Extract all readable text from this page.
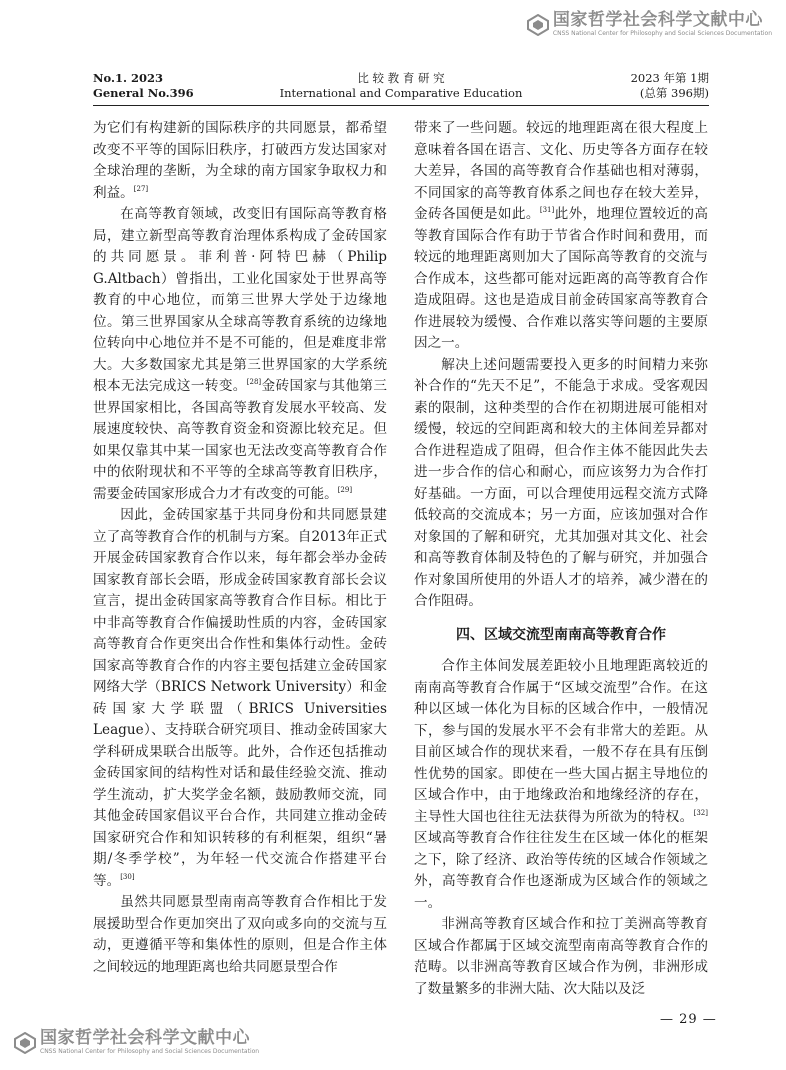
国家哲学社会科学文献中心
CNSS National Center for Philosophy and Social Sciences Documentation
No.1. 2023
General No.396
比 较 教 育 研 究
International and Comparative Education
2023 年第 1期
(总第 396期)

为它们有构建新的国际秩序的共同愿景，都希望改变不平等的国际旧秩序，打破西方发达国家对全球治理的垄断，为全球的南方国家争取权力和利益。[27]

在高等教育领域，改变旧有国际高等教育格局，建立新型高等教育治理体系构成了金砖国家的共同愿景。菲利普·阿特巴赫（Philip G.Altbach）曾指出，工业化国家处于世界高等教育的中心地位，而第三世界大学处于边缘地位。第三世界国家从全球高等教育系统的边缘地位转向中心地位并不是不可能的，但是难度非常大。大多数国家尤其是第三世界国家的大学系统根本无法完成这一转变。[28]金砖国家与其他第三世界国家相比，各国高等教育发展水平较高、发展速度较快、高等教育资金和资源比较充足。但如果仅靠其中某一国家也无法改变高等教育合作中的依附现状和不平等的全球高等教育旧秩序，需要金砖国家形成合力才有改变的可能。[29]

因此，金砖国家基于共同身份和共同愿景建立了高等教育合作的机制与方案。自2013年正式开展金砖国家教育合作以来，每年都会举办金砖国家教育部长会晤，形成金砖国家教育部长会议宣言，提出金砖国家高等教育合作目标。相比于中非高等教育合作偏援助性质的内容，金砖国家高等教育合作更突出合作性和集体行动性。金砖国家高等教育合作的内容主要包括建立金砖国家网络大学（BRICS Network University）和金砖国家大学联盟（BRICS Universities League）、支持联合研究项目、推动金砖国家大学科研成果联合出版等。此外，合作还包括推动金砖国家间的结构性对话和最佳经验交流、推动学生流动，扩大奖学金名额，鼓励教师交流，同其他金砖国家倡议平台合作，共同建立推动金砖国家研究合作和知识转移的有利框架，组织“暑期/冬季学校”，为年轻一代交流合作搭建平台等。[30]

虽然共同愿景型南南高等教育合作相比于发展援助型合作更加突出了双向或多向的交流与互动，更遵循平等和集体性的原则，但是合作主体之间较远的地理距离也给共同愿景型合作

带来了一些问题。较远的地理距离在很大程度上意味着各国在语言、文化、历史等各方面存在较大差异，各国的高等教育合作基础也相对薄弱，不同国家的高等教育体系之间也存在较大差异，金砖各国便是如此。[31]此外，地理位置较近的高等教育国际合作有助于节省合作时间和费用，而较远的地理距离则加大了国际高等教育的交流与合作成本，这些都可能对远距离的高等教育合作造成阻碍。这也是造成目前金砖国家高等教育合作进展较为缓慢、合作难以落实等问题的主要原因之一。

解决上述问题需要投入更多的时间精力来弥补合作的“先天不足”，不能急于求成。受客观因素的限制，这种类型的合作在初期进展可能相对缓慢，较远的空间距离和较大的主体间差异都对合作进程造成了阻碍，但合作主体不能因此失去进一步合作的信心和耐心，而应该努力为合作打好基础。一方面，可以合理使用远程交流方式降低较高的交流成本；另一方面，应该加强对合作对象国的了解和研究，尤其加强对其文化、社会和高等教育体制及特色的了解与研究，并加强合作对象国所使用的外语人才的培养，减少潜在的合作阻碍。

四、区域交流型南南高等教育合作

合作主体间发展差距较小且地理距离较近的南南高等教育合作属于“区域交流型”合作。在这种以区域一体化为目标的区域合作中，一般情况下，参与国的发展水平不会有非常大的差距。从目前区域合作的现状来看，一般不存在具有压倒性优势的国家。即使在一些大国占据主导地位的区域合作中，由于地缘政治和地缘经济的存在，主导性大国也往往无法获得为所欲为的特权。[32]区域高等教育合作往往发生在区域一体化的框架之下，除了经济、政治等传统的区域合作领域之外，高等教育合作也逐渐成为区域合作的领域之一。

非洲高等教育区域合作和拉丁美洲高等教育区域合作都属于区域交流型南南高等教育合作的范畴。以非洲高等教育区域合作为例，非洲形成了数量繁多的非洲大陆、次大陆以及泛

— 29 —
国家哲学社会科学文献中心
CNSS National Center for Philosophy and Social Sciences Documentation
